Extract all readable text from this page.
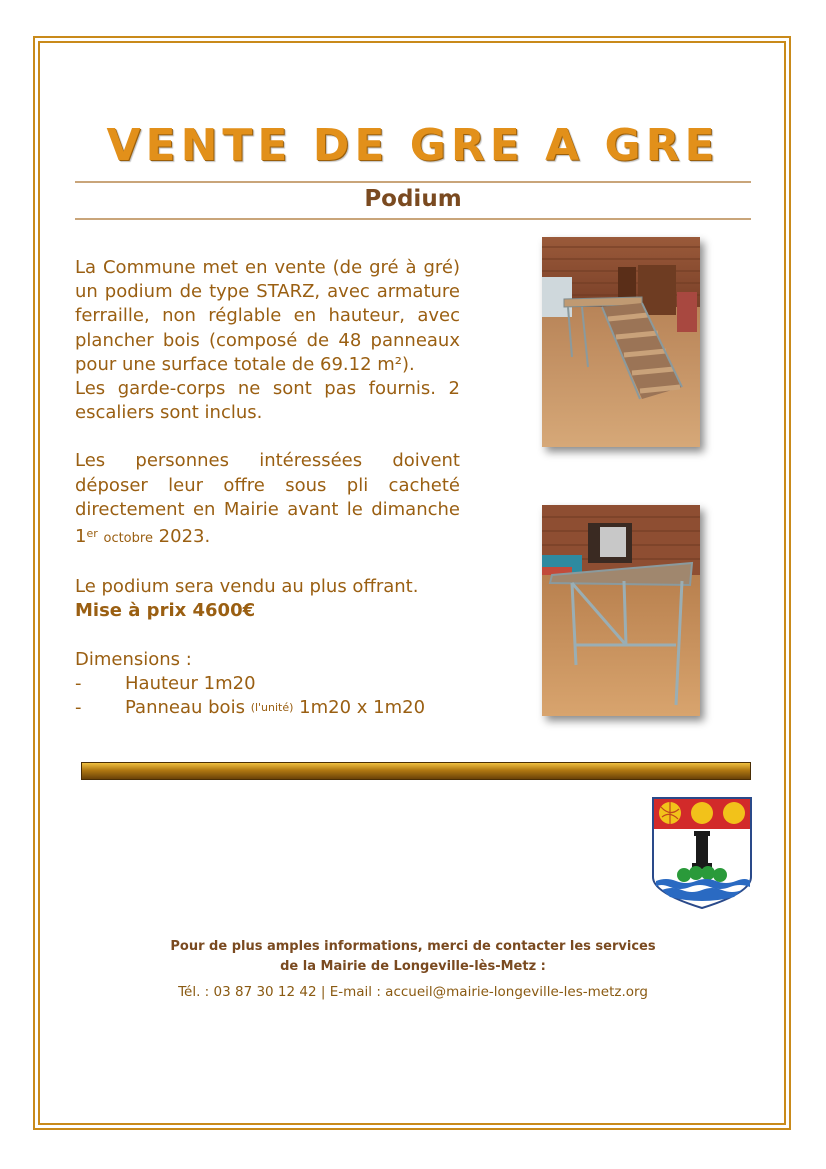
VENTE DE GRE A GRE
Podium

La Commune met en vente (de gré à gré) un podium de type STARZ, avec armature ferraille, non réglable en hauteur, avec plancher bois (composé de 48 panneaux pour une surface totale de 69.12 m²).

Les garde-corps ne sont pas fournis. 2 escaliers sont inclus.

Les personnes intéressées doivent déposer leur offre sous pli cacheté directement en Mairie avant le dimanche 1er octobre 2023.

Le podium sera vendu au plus offrant.

Mise à prix 4600€

Dimensions :

-	Hauteur 1m20
-	Panneau bois
(l'unité)
1m20 x 1m20
Pour de plus amples informations, merci de contacter les services
de la Mairie de Longeville-lès-Metz :
Tél. : 03 87 30 12 42 | E-mail : accueil@mairie-longeville-les-metz.org
